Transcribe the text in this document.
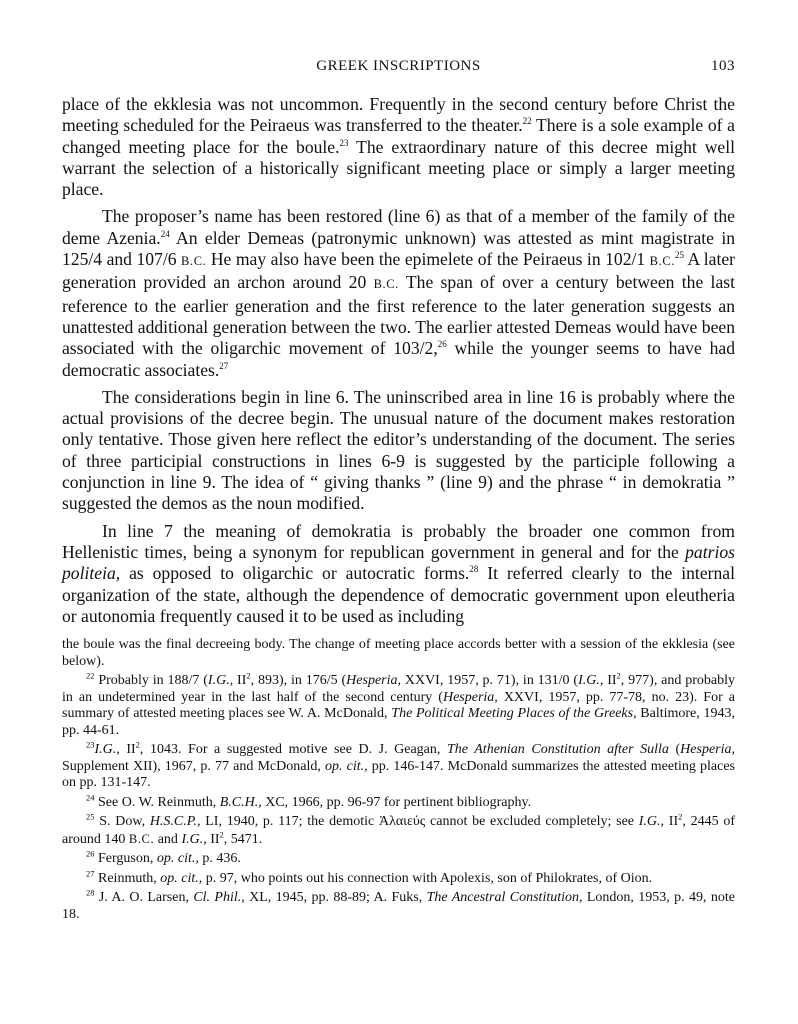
GREEK INSCRIPTIONS	103

place of the ekklesia was not uncommon. Frequently in the second century before Christ the meeting scheduled for the Peiraeus was transferred to the theater.$^{22}$ There is a sole example of a changed meeting place for the boule.$^{23}$ The extraordinary nature of this decree might well warrant the selection of a historically significant meeting place or simply a larger meeting place.

The proposer’s name has been restored (line 6) as that of a member of the family of the deme Azenia.$^{24}$ An elder Demeas (patronymic unknown) was attested as mint magistrate in 125/4 and 107/6 B.C. He may also have been the epimelete of the Peiraeus in 102/1 B.C.$^{25}$ A later generation provided an archon around 20 B.C. The span of over a century between the last reference to the earlier generation and the first reference to the later generation suggests an unattested additional generation between the two. The earlier attested Demeas would have been associated with the oligarchic movement of 103/2,26 while the younger seems to have had democratic associates.$^{27}$

The considerations begin in line 6. The uninscribed area in line 16 is probably where the actual provisions of the decree begin. The unusual nature of the document makes restoration only tentative. Those given here reflect the editor’s understanding of the document. The series of three participial constructions in lines 6-9 is suggested by the participle following a conjunction in line 9. The idea of “ giving thanks ” (line 9) and the phrase “ in demokratia ” suggested the demos as the noun modified.

In line 7 the meaning of demokratia is probably the broader one common from Hellenistic times, being a synonym for republican government in general and for the patrios politeia, as opposed to oligarchic or autocratic forms.$^{28}$ It referred clearly to the internal organization of the state, although the dependence of democratic government upon eleutheria or autonomia frequently caused it to be used as including

the boule was the final decreeing body. The change of meeting place accords better with a session of the ekklesia (see below).

$^{22}$ Probably in 188/7 (I.G., $II^2$, 893), in 176/5 (Hesperia, XXVI, 1957, p. 71), in 131/0 (I.G., $II^2$, 977), and probably in an undetermined year in the last half of the second century (Hesperia, XXVI, 1957, pp. 77-78, no. 23). For a summary of attested meeting places see W. A. McDonald, The Political Meeting Places of the Greeks, Baltimore, 1943, pp. 44-61.

$^{23}$I.G., $II^2$, 1043. For a suggested motive see D. J. Geagan, The Athenian Constitution after Sulla (Hesperia, Supplement XII), 1967, p. 77 and McDonald, op. cit., pp. 146-147. McDonald summarizes the attested meeting places on pp. 131-147.

$^{24}$ See O. W. Reinmuth, B.C.H., XC, 1966, pp. 96-97 for pertinent bibliography.

$^{25}$ S. Dow, H.S.C.P., LI, 1940, p. 117; the demotic Ἁλαιεύς cannot be excluded completely; see I.G., $II^2$, 2445 of around 140 B.C. and I.G., $II^2$, 5471.

$^{26}$ Ferguson, op. cit., p. 436.

$^{27}$ Reinmuth, op. cit., p. 97, who points out his connection with Apolexis, son of Philokrates, of Oion.

$^{28}$ J. A. O. Larsen, Cl. Phil., XL, 1945, pp. 88-89; A. Fuks, The Ancestral Constitution, London, 1953, p. 49, note 18.
